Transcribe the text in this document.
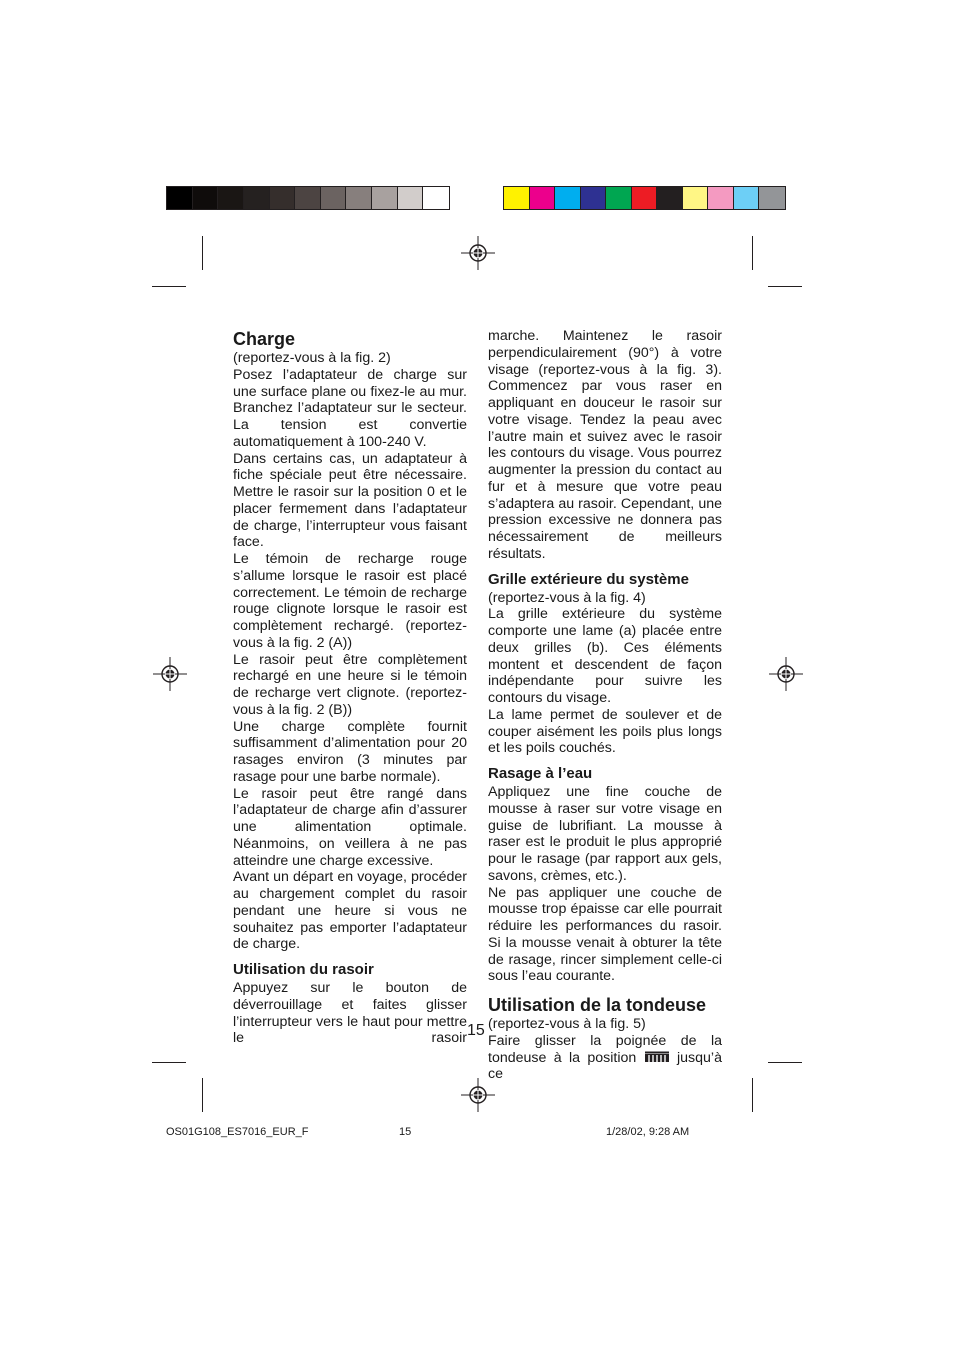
Charge

(reportez-vous à la fig. 2)

Posez l’adaptateur de charge sur une surface plane ou fixez-le au mur. Branchez l’adaptateur sur le secteur. La tension est convertie automatiquement à 100-240 V.

Dans certains cas, un adaptateur à fiche spéciale peut être nécessaire. Mettre le rasoir sur la position 0 et le placer fermement dans l’adaptateur de charge, l’interrupteur vous faisant face.

Le témoin de recharge rouge s’allume lorsque le rasoir est placé correctement. Le témoin de recharge rouge clignote lorsque le rasoir est complètement rechargé. (reportez-vous à la fig. 2 (A))

Le rasoir peut être complètement rechargé en une heure si le témoin de recharge vert clignote. (reportez-vous à la fig. 2 (B))

Une charge complète fournit suffisamment d’alimentation pour 20 rasages environ (3 minutes par rasage pour une barbe normale).

Le rasoir peut être rangé dans l’adaptateur de charge afin d’assurer une alimentation optimale. Néanmoins, on veillera à ne pas atteindre une charge excessive.

Avant un départ en voyage, procéder au chargement complet du rasoir pendant une heure si vous ne souhaitez pas emporter l’adaptateur de charge.

Utilisation du rasoir

Appuyez sur le bouton de déverrouillage et faites glisser l’interrupteur vers le haut pour mettre le rasoir

marche. Maintenez le rasoir perpendiculairement (90°) à votre visage (reportez-vous à la fig. 3). Commencez par vous raser en appliquant en douceur le rasoir sur votre visage. Tendez la peau avec l’autre main et suivez avec le rasoir les contours du visage. Vous pourrez augmenter la pression du contact au fur et à mesure que votre peau s’adaptera au rasoir. Cependant, une pression excessive ne donnera pas nécessairement de meilleurs résultats.

Grille extérieure du système

(reportez-vous à la fig. 4)

La grille extérieure du système comporte une lame (a) placée entre deux grilles (b). Ces éléments montent et descendent de façon indépendante pour suivre les contours du visage.

La lame permet de soulever et de couper aisément les poils plus longs et les poils couchés.

Rasage à l’eau

Appliquez une fine couche de mousse à raser sur votre visage en guise de lubrifiant. La mousse à raser est le produit le plus approprié pour le rasage (par rapport aux gels, savons, crèmes, etc.).

Ne pas appliquer une couche de mousse trop épaisse car elle pourrait réduire les performances du rasoir. Si la mousse venait à obturer la tête de rasage, rincer simplement celle-ci sous l’eau courante.

Utilisation de la tondeuse

(reportez-vous à la fig. 5)

Faire glisser la poignée de la tondeuse à la position	jusqu’à ce

15
OS01G108_ES7016_EUR_F	15	1/28/02, 9:28 AM
